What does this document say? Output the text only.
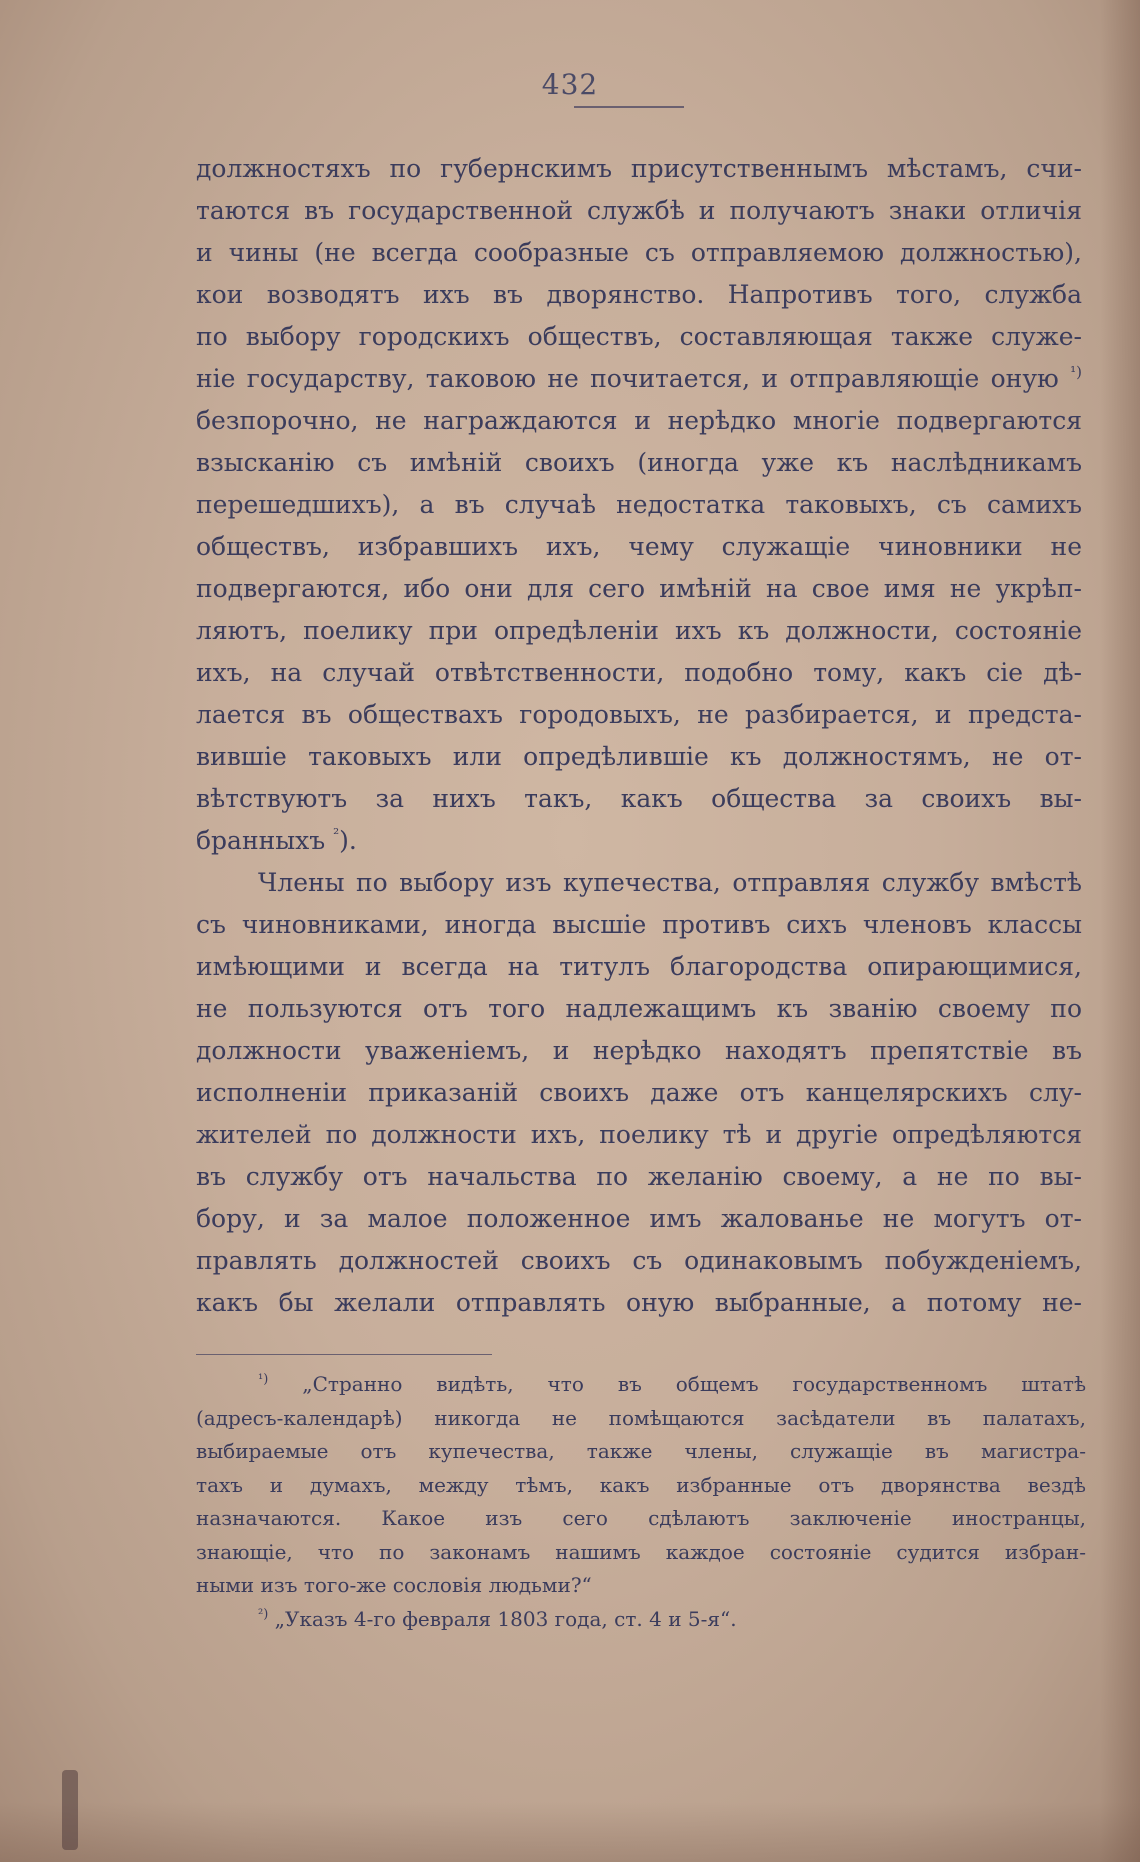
432
должностяхъ по губернскимъ присутственнымъ мѣстамъ, счи-
таются въ государственной службѣ и получаютъ знаки отличія
и чины (не всегда сообразные съ отправляемою должностью),
кои возводятъ ихъ въ дворянство. Напротивъ того, служба
по выбору городскихъ обществъ, составляющая также служе-
ніе государству, таковою не почитается, и отправляющіе оную $^{^1)}$
безпорочно, не награждаются и нерѣдко многіе подвергаются
взысканію съ имѣній своихъ (иногда уже къ наслѣдникамъ
перешедшихъ), а въ случаѣ недостатка таковыхъ, съ самихъ
обществъ, избравшихъ ихъ, чему служащіе чиновники не
подвергаются, ибо они для сего имѣній на свое имя не укрѣп-
ляютъ, поелику при опредѣленіи ихъ къ должности, состояніе
ихъ, на случай отвѣтственности, подобно тому, какъ сіе дѣ-
лается въ обществахъ городовыхъ, не разбирается, и предста-
вившіе таковыхъ или опредѣлившіе къ должностямъ, не от-
вѣтствуютъ за нихъ такъ, какъ общества за своихъ вы-
бранныхъ $^{^2}$).
Члены по выбору изъ купечества, отправляя службу вмѣстѣ
съ чиновниками, иногда высшіе противъ сихъ членовъ классы
имѣющими и всегда на титулъ благородства опирающимися,
не пользуются отъ того надлежащимъ къ званію своему по
должности уваженіемъ, и нерѣдко находятъ препятствіе въ
исполненіи приказаній своихъ даже отъ канцелярскихъ слу-
жителей по должности ихъ, поелику тѣ и другіе опредѣляются
въ службу отъ начальства по желанію своему, а не по вы-
бору, и за малое положенное имъ жалованье не могутъ от-
правлять должностей своихъ съ одинаковымъ побужденіемъ,
какъ бы желали отправлять оную выбранные, а потому не-
$^{^1)}$ „Странно видѣть, что въ общемъ государственномъ штатѣ
(адресъ-календарѣ) никогда не помѣщаются засѣдатели въ палатахъ,
выбираемые отъ купечества, также члены, служащіе въ магистра-
тахъ и думахъ, между тѣмъ, какъ избранные отъ дворянства вездѣ
назначаются. Какое изъ сего сдѣлаютъ заключеніе иностранцы,
знающіе, что по законамъ нашимъ каждое состояніе судится избран-
ными изъ того-же сословія людьми?“
$^{^2)}$ „Указъ 4-го февраля 1803 года, ст. 4 и 5-я“.
